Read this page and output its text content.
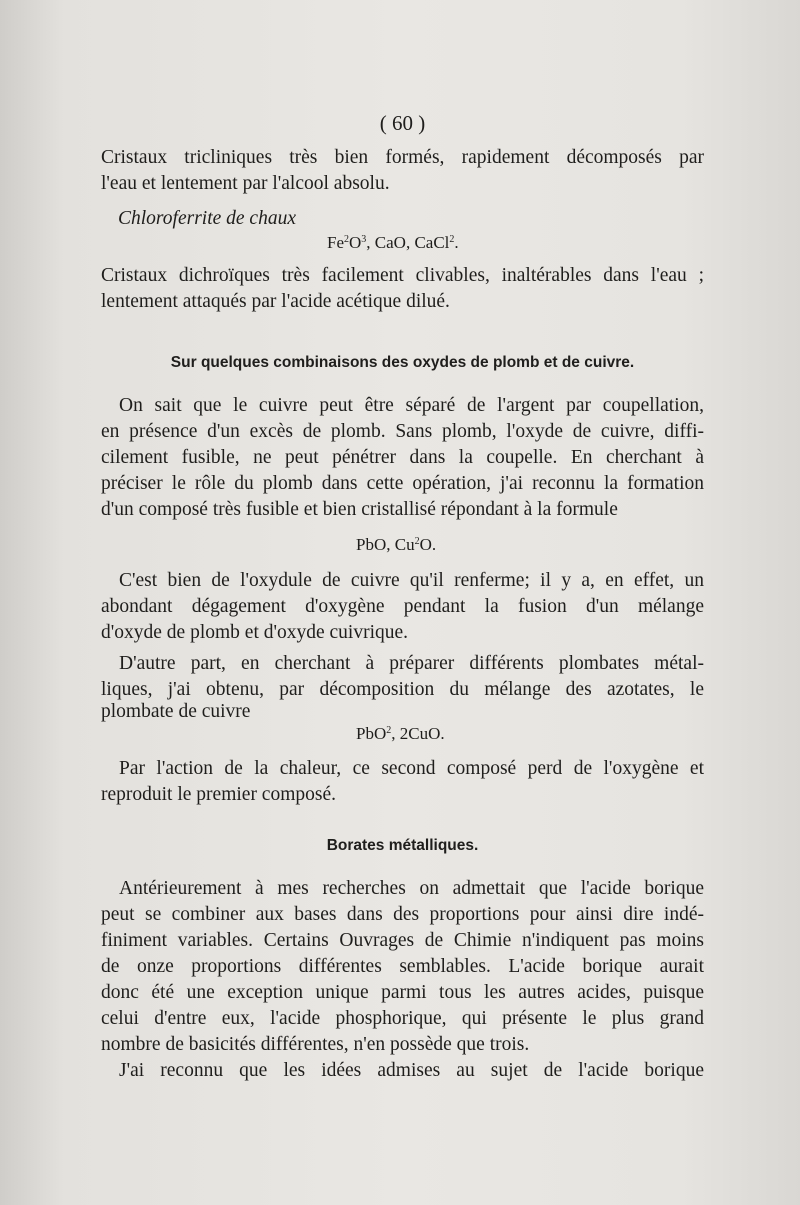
( 60 )
Cristaux tricliniques très bien formés, rapidement décomposés par
l'eau et lentement par l'alcool absolu.
Chloroferrite de chaux
$Fe^2O^3$, CaO, CaCl$^2$.
Cristaux dichroïques très facilement clivables, inaltérables dans l'eau ;
lentement attaqués par l'acide acétique dilué.
Sur quelques combinaisons des oxydes de plomb et de cuivre.
On sait que le cuivre peut être séparé de l'argent par coupellation,
en présence d'un excès de plomb. Sans plomb, l'oxyde de cuivre, diffi-
cilement fusible, ne peut pénétrer dans la coupelle. En cherchant à
préciser le rôle du plomb dans cette opération, j'ai reconnu la formation
d'un composé très fusible et bien cristallisé répondant à la formule
PbO, Cu$^2$O.
C'est bien de l'oxydule de cuivre qu'il renferme; il y a, en effet, un
abondant dégagement d'oxygène pendant la fusion d'un mélange
d'oxyde de plomb et d'oxyde cuivrique.
D'autre part, en cherchant à préparer différents plombates métal-
liques, j'ai obtenu, par décomposition du mélange des azotates, le
plombate de cuivre
PbO$^2$, 2CuO.
Par l'action de la chaleur, ce second composé perd de l'oxygène et
reproduit le premier composé.
Borates métalliques.
Antérieurement à mes recherches on admettait que l'acide borique
peut se combiner aux bases dans des proportions pour ainsi dire indé-
finiment variables. Certains Ouvrages de Chimie n'indiquent pas moins
de onze proportions différentes semblables. L'acide borique aurait
donc été une exception unique parmi tous les autres acides, puisque
celui d'entre eux, l'acide phosphorique, qui présente le plus grand
nombre de basicités différentes, n'en possède que trois.
J'ai reconnu que les idées admises au sujet de l'acide borique
